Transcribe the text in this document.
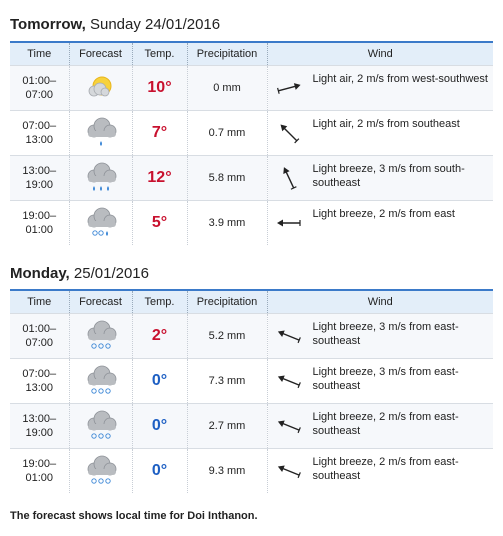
Tomorrow, Sunday 24/01/2016
Time	Forecast	Temp.	Precipitation	Wind
01:00–
07:00		10°	0 mm	Light air, 2 m/s from west-southwest

07:00–
13:00		7°	0.7 mm	Light air, 2 m/s from southeast

13:00–
19:00		12°	5.8 mm	Light breeze, 3 m/s from south-southeast

19:00–
01:00		5°	3.9 mm	Light breeze, 2 m/s from east
Monday, 25/01/2016
Time	Forecast	Temp.	Precipitation	Wind
01:00–
07:00		2°	5.2 mm	Light breeze, 3 m/s from east-southeast

07:00–
13:00		0°	7.3 mm	Light breeze, 3 m/s from east-southeast

13:00–
19:00		0°	2.7 mm	Light breeze, 2 m/s from east-southeast

19:00–
01:00		0°	9.3 mm	Light breeze, 2 m/s from east-southeast
The forecast shows local time for Doi Inthanon.
